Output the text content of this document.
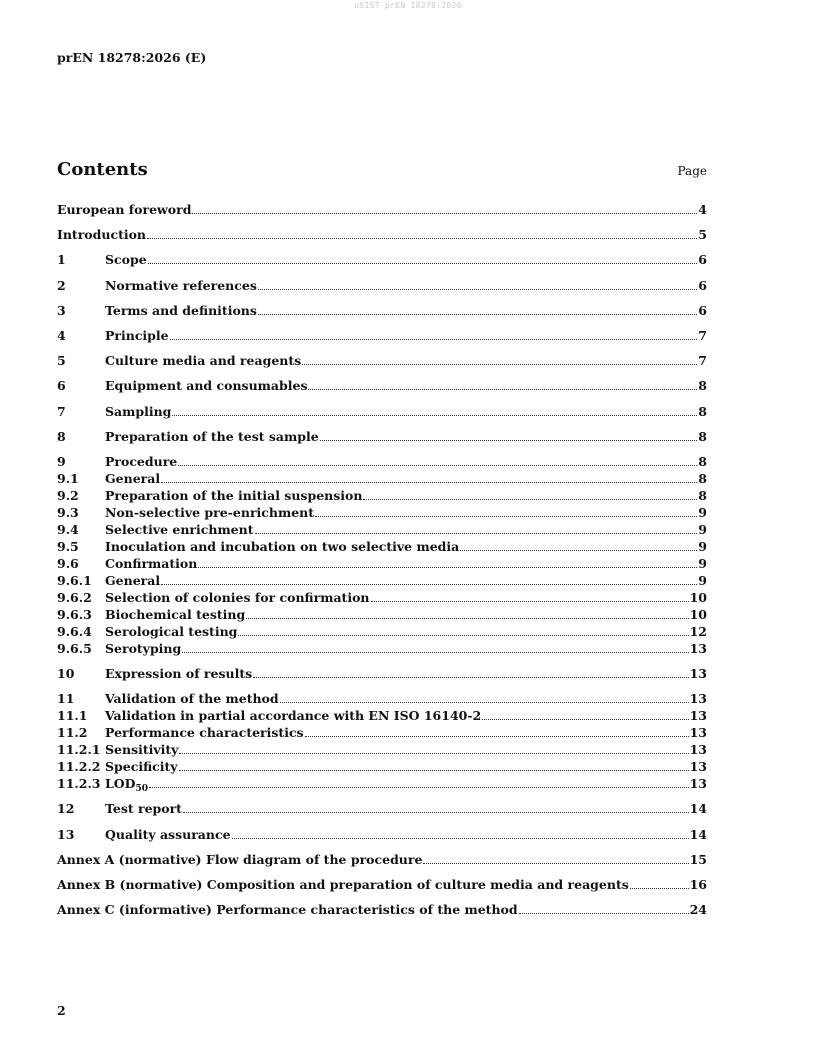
oSIST prEN 18278:2026
prEN 18278:2026 (E)
Contents	Page
European foreword	4
Introduction	5
1	Scope	6
2	Normative references	6
3	Terms and definitions	6
4	Principle	7
5	Culture media and reagents	7
6	Equipment and consumables	8
7	Sampling	8
8	Preparation of the test sample	8
9	Procedure	8
9.1	General	8
9.2	Preparation of the initial suspension	8
9.3	Non-selective pre-enrichment	9
9.4	Selective enrichment	9
9.5	Inoculation and incubation on two selective media	9
9.6	Confirmation	9
9.6.1	General	9
9.6.2	Selection of colonies for confirmation	10
9.6.3	Biochemical testing	10
9.6.4	Serological testing	12
9.6.5	Serotyping	13
10	Expression of results	13
11	Validation of the method	13
11.1	Validation in partial accordance with EN ISO 16140-2	13
11.2	Performance characteristics	13
11.2.1 Sensitivity	13
11.2.2 Specificity	13
11.2.3 $LOD_{50}$	13
12	Test report	14
13	Quality assurance	14
Annex A (normative) Flow diagram of the procedure	15
Annex B (normative) Composition and preparation of culture media and reagents	16
Annex C (informative) Performance characteristics of the method	24
2
